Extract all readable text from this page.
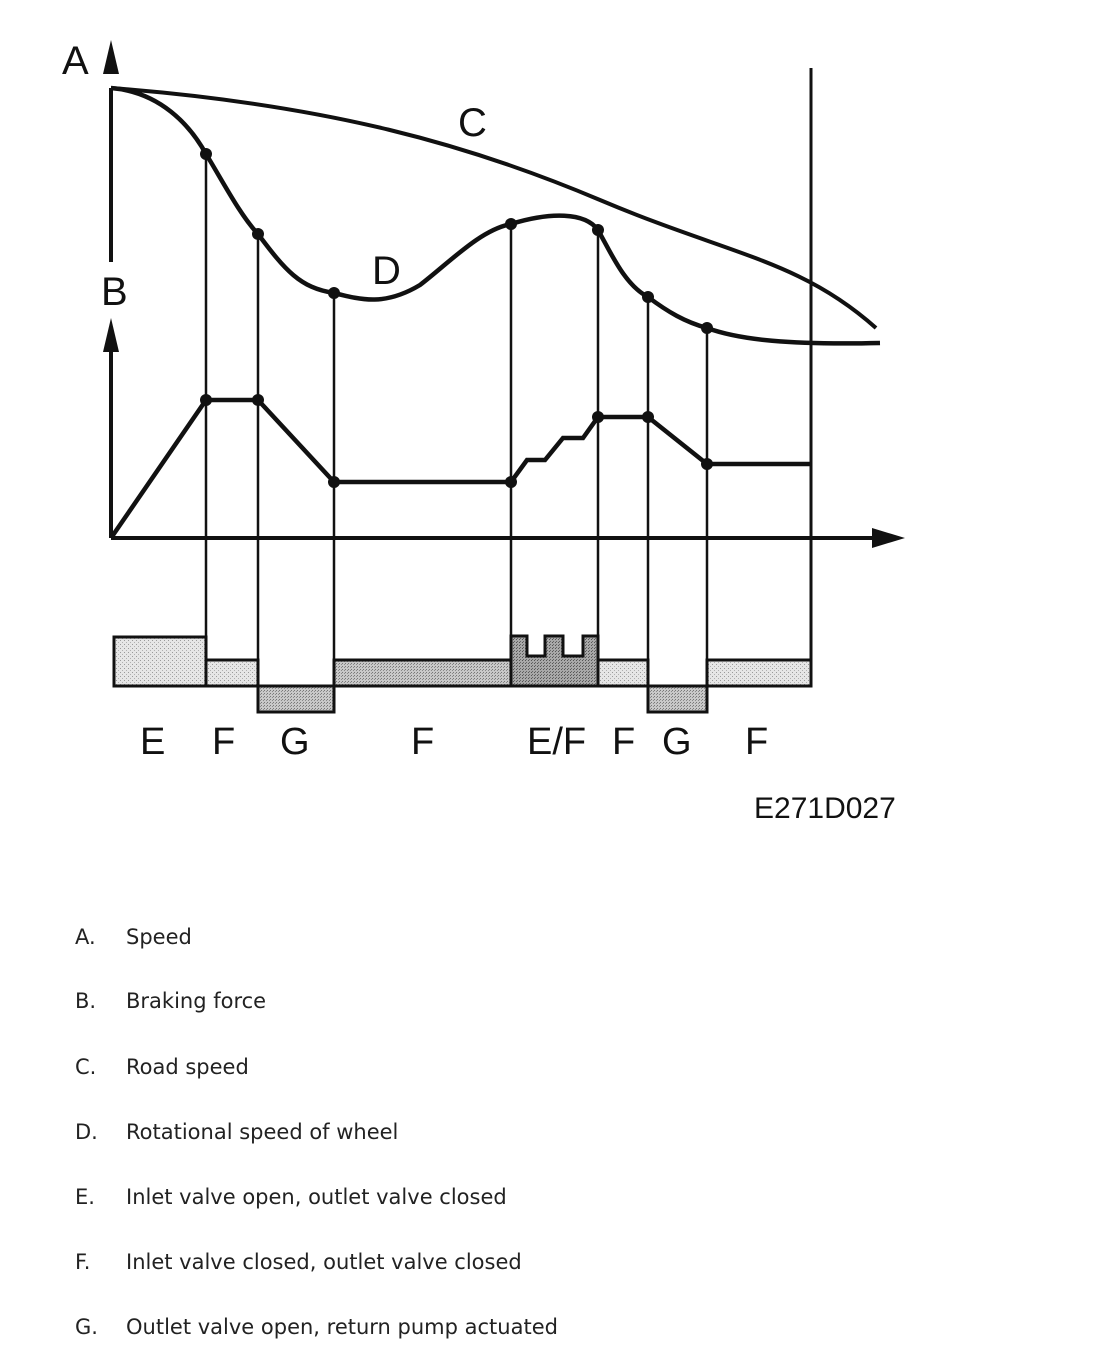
A
B
C
D
E F G	F E/F F G F
E271D027
A. Speed
B. Braking force
C. Road speed
D. Rotational speed of wheel
E. Inlet valve open, outlet valve closed
F. Inlet valve closed, outlet valve closed
G. Outlet valve open, return pump actuated
